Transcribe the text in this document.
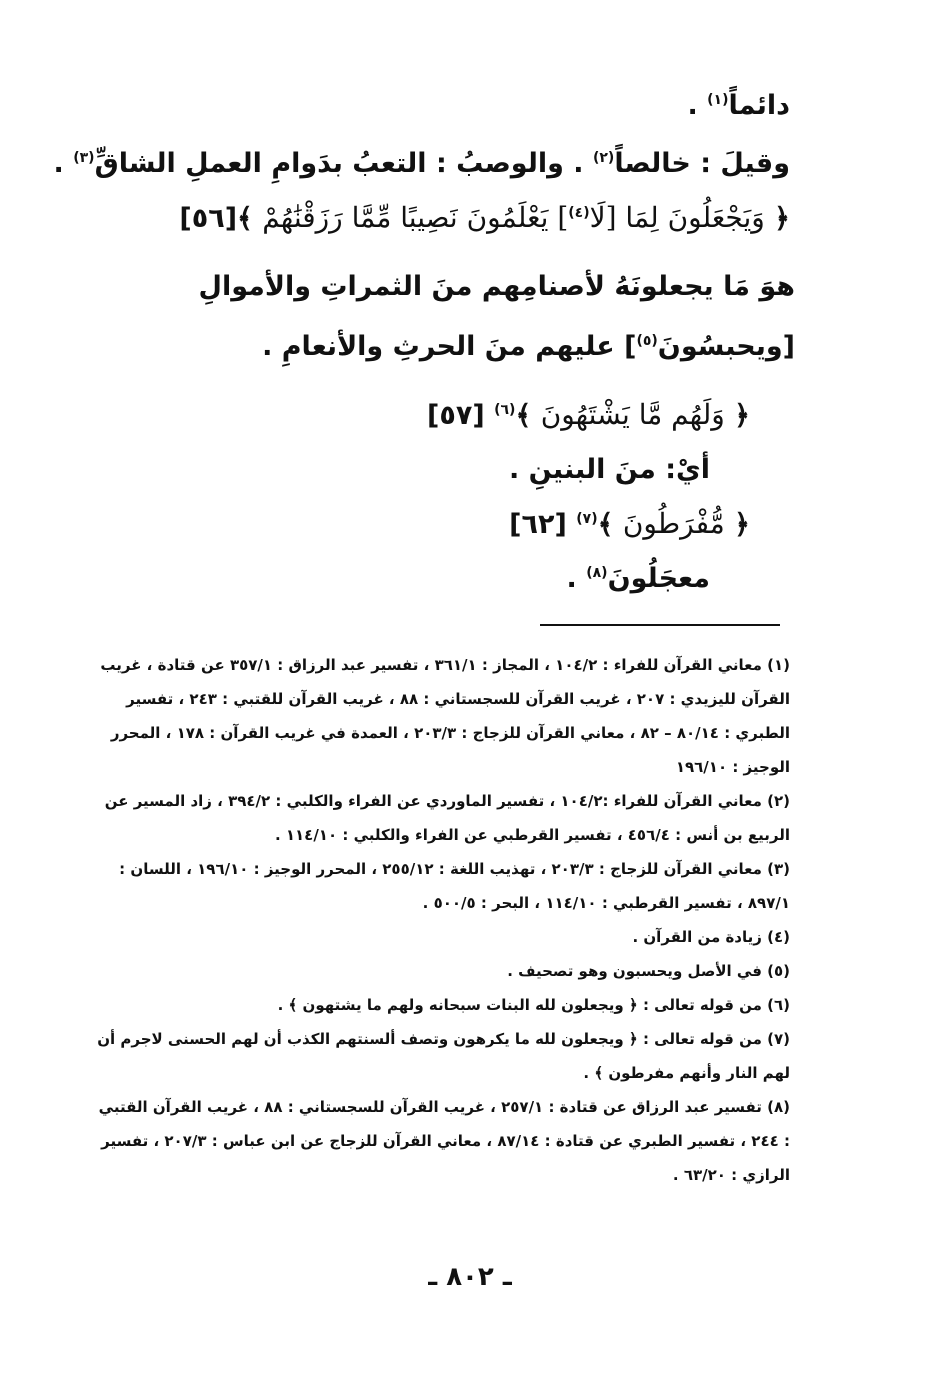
دائماً$^{(١)}$ .
وقيلَ : خالصاً$^{(٢)}$ . والوصبُ : التعبُ بدَوامِ العملِ الشاقِّ$^{(٣)}$ .
﴿ وَيَجْعَلُونَ لِمَا [لَا$^{(٤)}$] يَعْلَمُونَ نَصِيبًا مِّمَّا رَزَقْنَٰهُمْ ﴾[٥٦]
هوَ مَا يجعلونَهُ لأصنامِهم منَ الثمراتِ والأموالِ [ويحبسُونَ$^{(٥)}$] عليهم منَ الحرثِ والأنعامِ .
﴿ وَلَهُم مَّا يَشْتَهُونَ ﴾$^{(٦)}$ [٥٧]
أيْ: منَ البنينِ .
﴿ مُّفْرَطُونَ ﴾$^{(٧)}$ [٦٢]
معجَلُونَ$^{(٨)}$ .

(١) معاني القرآن للفراء : ١٠٤/٢ ، المجاز : ٣٦١/١ ، تفسير عبد الرزاق : ٣٥٧/١ عن قتادة ، غريب القرآن لليزيدي : ٢٠٧ ، غريب القرآن للسجستاني : ٨٨ ، غريب القرآن للقتبي : ٢٤٣ ، تفسير الطبري : ٨٠/١٤ – ٨٢ ، معاني القرآن للزجاج : ٢٠٣/٣ ، العمدة في غريب القرآن : ١٧٨ ، المحرر الوجيز : ١٩٦/١٠

(٢) معاني القرآن للفراء :١٠٤/٢ ، تفسير الماوردي عن الفراء والكلبي : ٣٩٤/٢ ، زاد المسير عن الربيع بن أنس : ٤٥٦/٤ ، تفسير القرطبي عن الفراء والكلبي : ١١٤/١٠ .

(٣) معاني القرآن للزجاج : ٢٠٣/٣ ، تهذيب اللغة : ٢٥٥/١٢ ، المحرر الوجيز : ١٩٦/١٠ ، اللسان : ٨٩٧/١ ، تفسير القرطبي : ١١٤/١٠ ، البحر : ٥٠٠/٥ .

(٤) زيادة من القرآن .

(٥) في الأصل ويحسبون وهو تصحيف .

(٦) من قوله تعالى : ﴿ ويجعلون لله البنات سبحانه ولهم ما يشتهون ﴾ .

(٧) من قوله تعالى : ﴿ ويجعلون لله ما يكرهون وتصف ألسنتهم الكذب أن لهم الحسنى لاجرم أن لهم النار وأنهم مفرطون ﴾ .

(٨) تفسير عبد الرزاق عن قتادة : ٢٥٧/١ ، غريب القرآن للسجستاني : ٨٨ ، غريب القرآن القتبي : ٢٤٤ ، تفسير الطبري عن قتادة : ٨٧/١٤ ، معاني القرآن للزجاج عن ابن عباس : ٢٠٧/٣ ، تفسير الرازي : ٦٣/٢٠ .

ـ ٨٠٢ ـ
